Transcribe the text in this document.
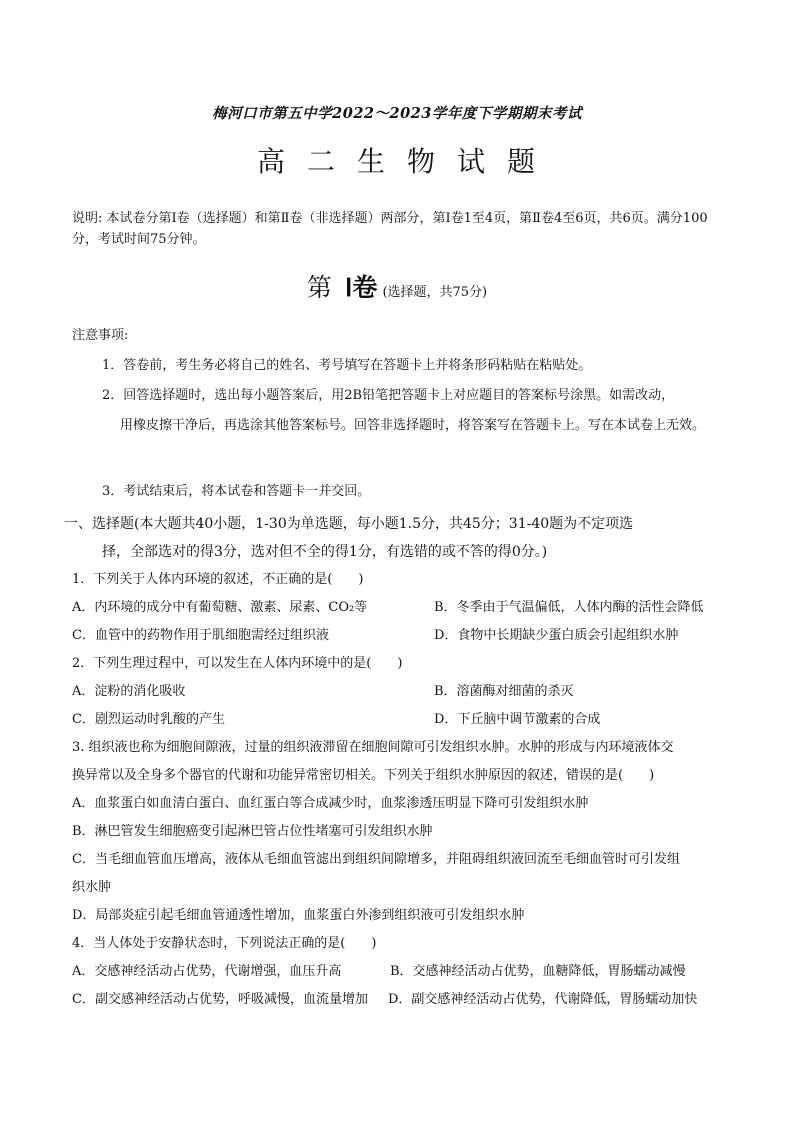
梅河口市第五中学2022～2023学年度下学期期末考试
高二生物试题
说明: 本试卷分第Ⅰ卷（选择题）和第Ⅱ卷（非选择题）两部分，第Ⅰ卷1至4页，第Ⅱ卷4至6页，共6页。满分100分，考试时间75分钟。
第 Ⅰ卷 (选择题，共75分)
注意事项:
1．答卷前，考生务必将自己的姓名、考号填写在答题卡上并将条形码粘贴在粘贴处。
2．回答选择题时，选出每小题答案后，用2B铅笔把答题卡上对应题目的答案标号涂黑。如需改动，
用橡皮擦干净后，再选涂其他答案标号。回答非选择题时，将答案写在答题卡上。写在本试卷上无效。
3．考试结束后，将本试卷和答题卡一并交回。
一、选择题(本大题共40小题，1-30为单选题，每小题1.5分，共45分；31-40题为不定项选
择，全部选对的得3分，选对但不全的得1分，有选错的或不答的得0分。)
1．下列关于人体内环境的叙述，不正确的是(　　)
A．内环境的成分中有葡萄糖、激素、尿素、CO₂等	B．冬季由于气温偏低，人体内酶的活性会降低
C．血管中的药物作用于肌细胞需经过组织液	D．食物中长期缺少蛋白质会引起组织水肿
2．下列生理过程中，可以发生在人体内环境中的是(　　)
A．淀粉的消化吸收	B．溶菌酶对细菌的杀灭
C．剧烈运动时乳酸的产生	D．下丘脑中调节激素的合成
3. 组织液也称为细胞间隙液，过量的组织液滞留在细胞间隙可引发组织水肿。水肿的形成与内环境液体交
换异常以及全身多个器官的代谢和功能异常密切相关。下列关于组织水肿原因的叙述，错误的是(　　)
A．血浆蛋白如血清白蛋白、血红蛋白等合成减少时，血浆渗透压明显下降可引发组织水肿
B．淋巴管发生细胞癌变引起淋巴管占位性堵塞可引发组织水肿
C．当毛细血管血压增高，液体从毛细血管滤出到组织间隙增多，并阻碍组织液回流至毛细血管时可引发组
织水肿
D．局部炎症引起毛细血管通透性增加，血浆蛋白外渗到组织液可引发组织水肿
4．当人体处于安静状态时，下列说法正确的是(　　)
A．交感神经活动占优势，代谢增强，血压升高	B．交感神经活动占优势，血糖降低，胃肠蠕动减慢
C．副交感神经活动占优势，呼吸减慢，血流量增加 D．副交感神经活动占优势，代谢降低，胃肠蠕动加快
